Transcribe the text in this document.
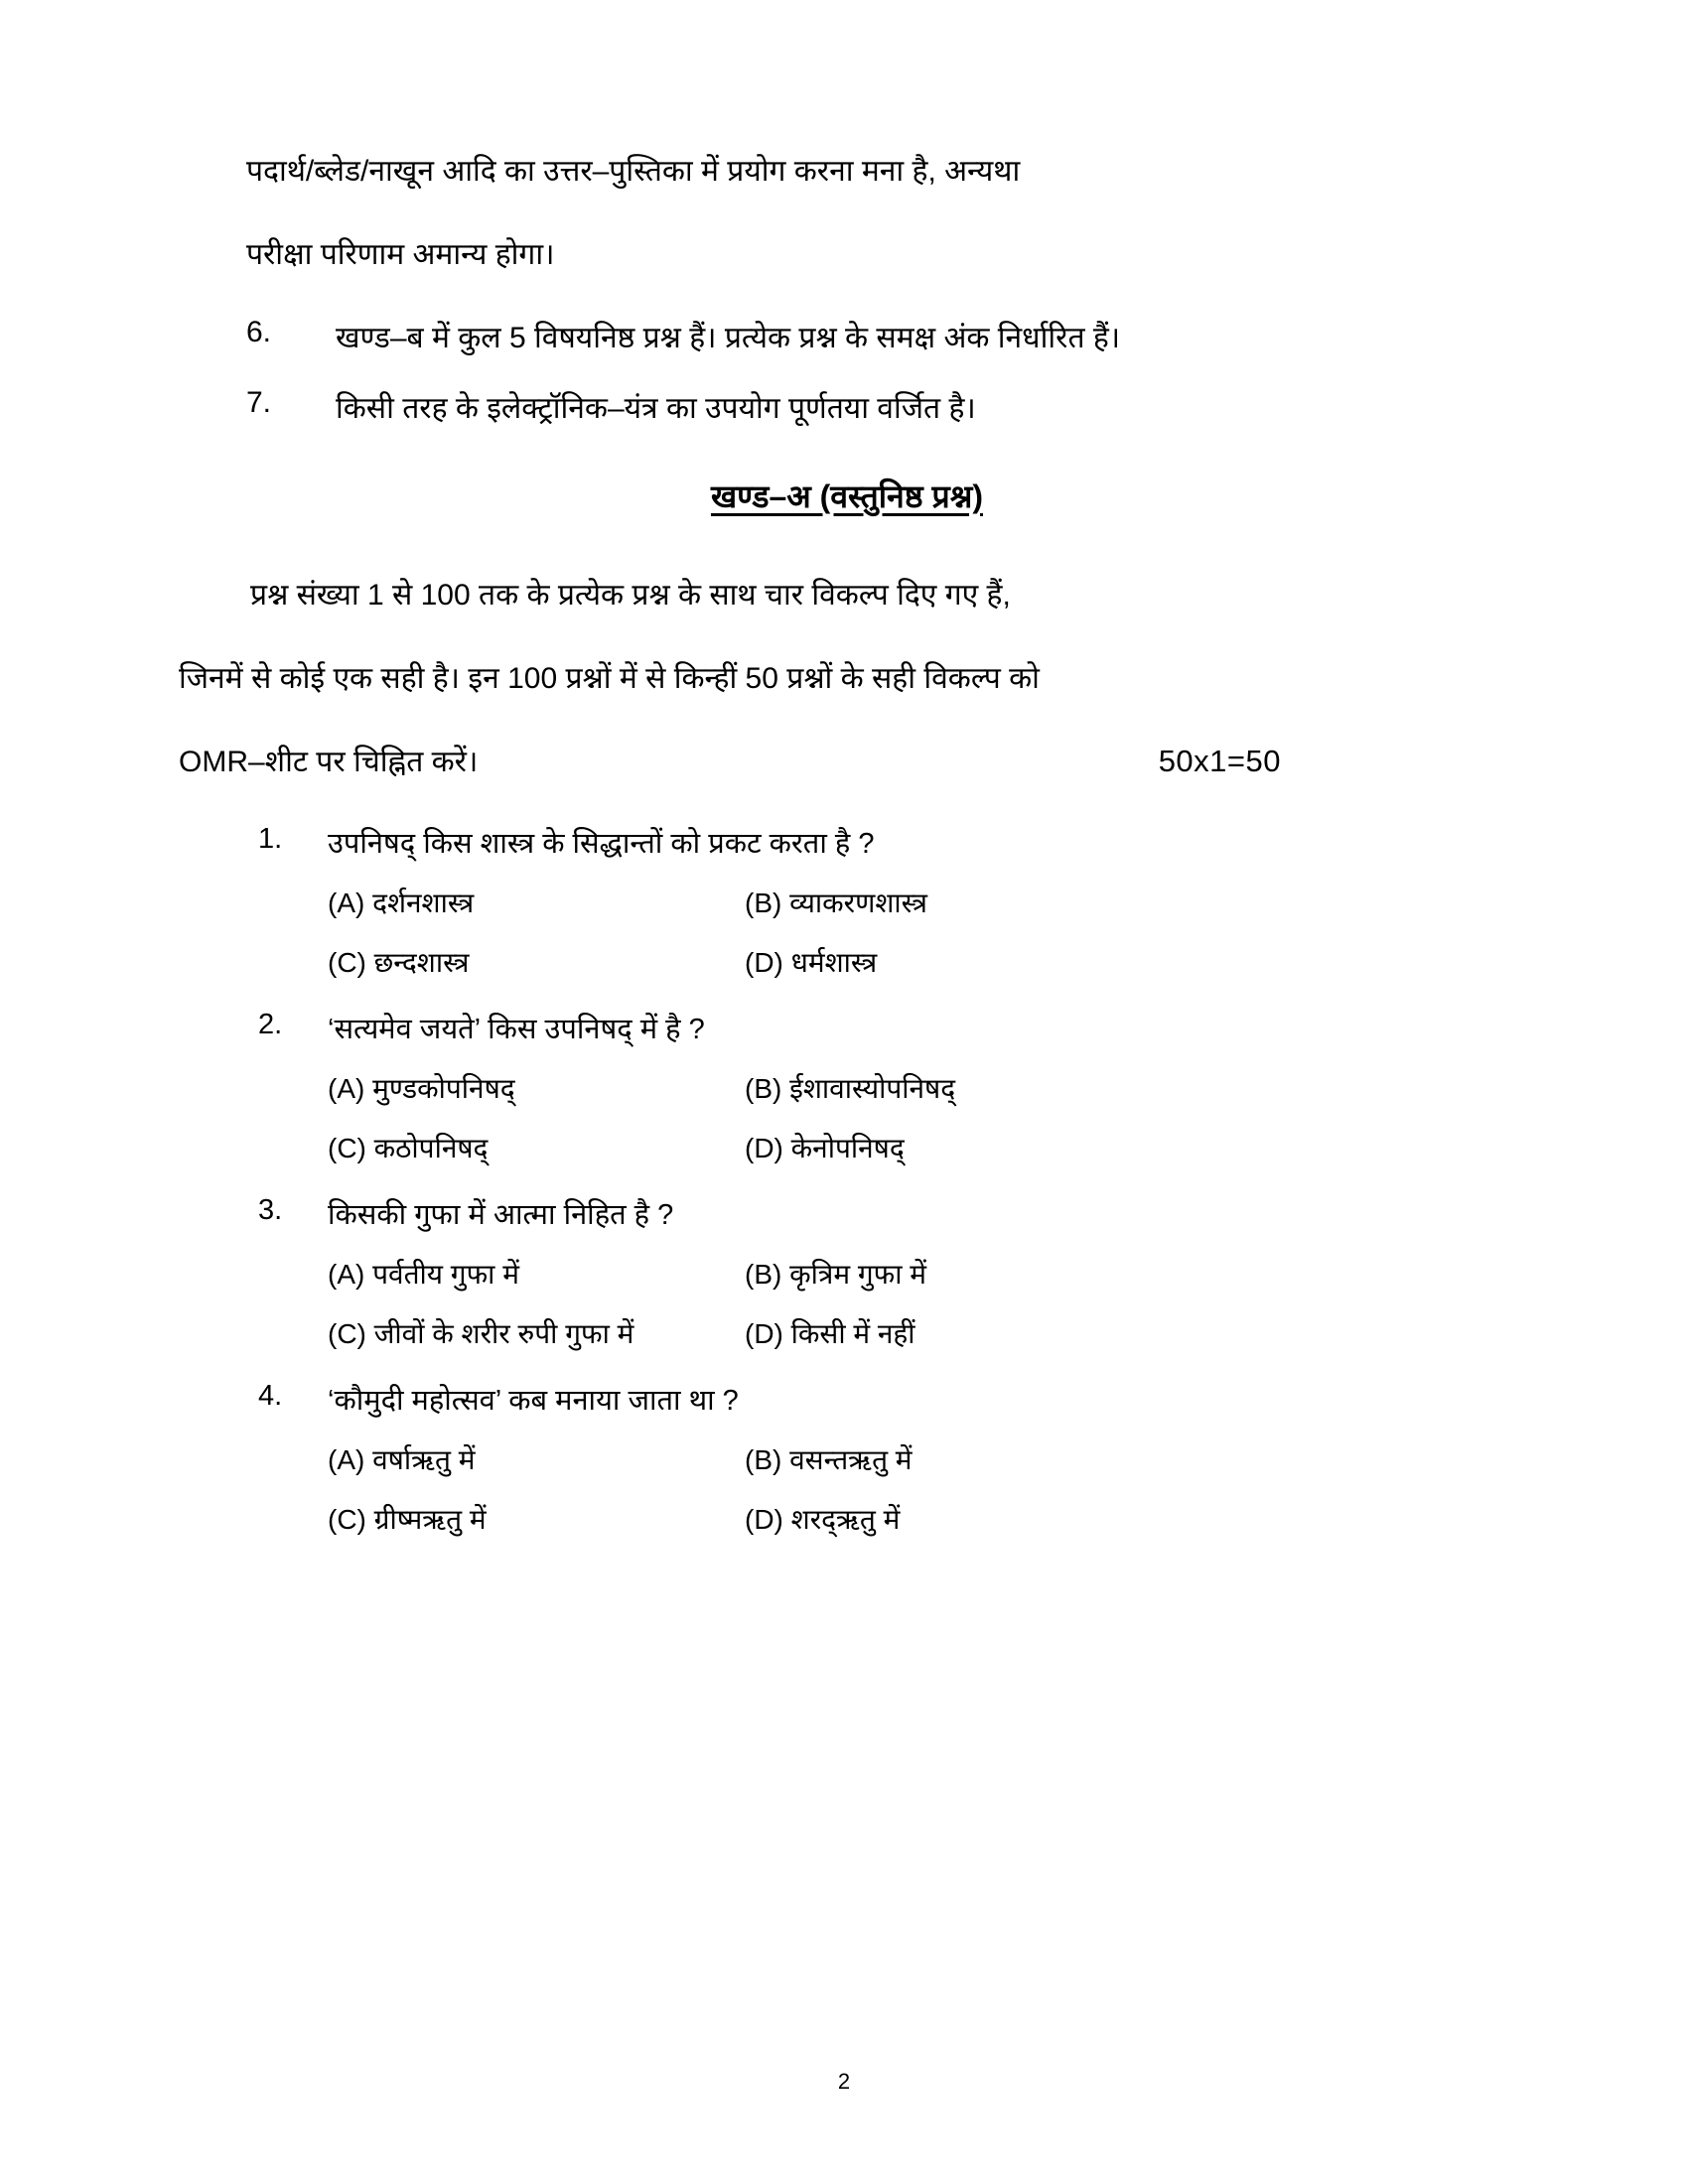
पदार्थ/ब्लेड/नाखून आदि का उत्तर–पुस्तिका में प्रयोग करना मना है, अन्यथा
परीक्षा परिणाम अमान्य होगा।
6.	खण्ड–ब में कुल 5 विषयनिष्ठ प्रश्न हैं। प्रत्येक प्रश्न के समक्ष अंक निर्धारित हैं।
7.	किसी तरह के इलेक्ट्रॉनिक–यंत्र का उपयोग पूर्णतया वर्जित है।
खण्ड–अ (वस्तुनिष्ठ प्रश्न)
प्रश्न संख्या 1 से 100 तक के प्रत्येक प्रश्न के साथ चार विकल्प दिए गए हैं,
जिनमें से कोई एक सही है। इन 100 प्रश्नों में से किन्हीं 50 प्रश्नों के सही विकल्प को
OMR–शीट पर चिह्नित करें।	50x1=50
1.	उपनिषद् किस शास्त्र के सिद्धान्तों को प्रकट करता है ?
(A) दर्शनशास्त्र	(B) व्याकरणशास्त्र
(C) छन्दशास्त्र	(D) धर्मशास्त्र
2.	‘सत्यमेव जयते’ किस उपनिषद् में है ?
(A) मुण्डकोपनिषद्	(B) ईशावास्योपनिषद्
(C) कठोपनिषद्	(D) केनोपनिषद्
3.	किसकी गुफा में आत्मा निहित है ?
(A) पर्वतीय गुफा में	(B) कृत्रिम गुफा में
(C) जीवों के शरीर रुपी गुफा में	(D) किसी में नहीं
4.	‘कौमुदी महोत्सव’ कब मनाया जाता था ?
(A) वर्षाऋतु में	(B) वसन्तऋतु में
(C) ग्रीष्मऋतु में	(D) शरद्ऋतु में
2
